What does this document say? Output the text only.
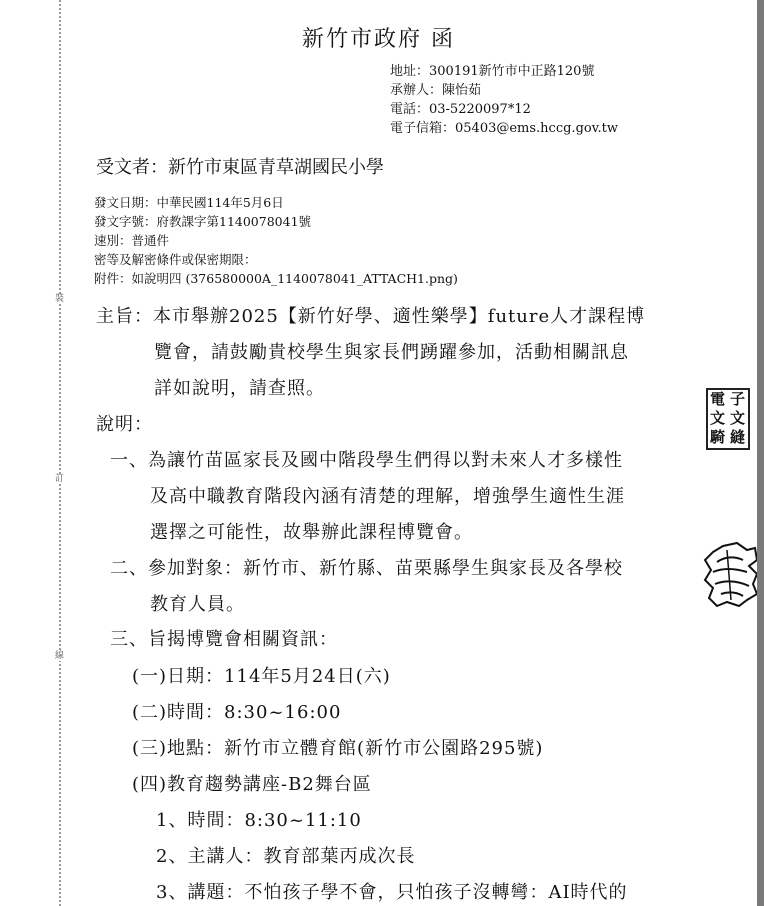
裝
訂
線
新竹市政府 函
地址：300191新竹市中正路120號
承辦人：陳怡茹
電話：03-5220097*12
電子信箱：05403@ems.hccg.gov.tw
受文者：新竹市東區青草湖國民小學
發文日期：中華民國114年5月6日
發文字號：府教課字第1140078041號
速別：普通件
密等及解密條件或保密期限：
附件：如說明四 (376580000A_1140078041_ATTACH1.png)
主旨：本市舉辦2025【新竹好學、適性樂學】future人才課程博
覽會，請鼓勵貴校學生與家長們踴躍參加，活動相關訊息
詳如說明，請查照。
說明：
一、為讓竹苗區家長及國中階段學生們得以對未來人才多樣性
及高中職教育階段內涵有清楚的理解，增強學生適性生涯
選擇之可能性，故舉辦此課程博覽會。
二、參加對象：新竹市、新竹縣、苗栗縣學生與家長及各學校
教育人員。
三、旨揭博覽會相關資訊：
(一)日期：114年5月24日(六)
(二)時間：8:30~16:00
(三)地點：新竹市立體育館(新竹市公園路295號)
(四)教育趨勢講座-B2舞台區
1、時間：8:30~11:10
2、主講人：教育部葉丙成次長
3、講題：不怕孩子學不會，只怕孩子沒轉彎：AI時代的
電 子
文 文
騎 縫
